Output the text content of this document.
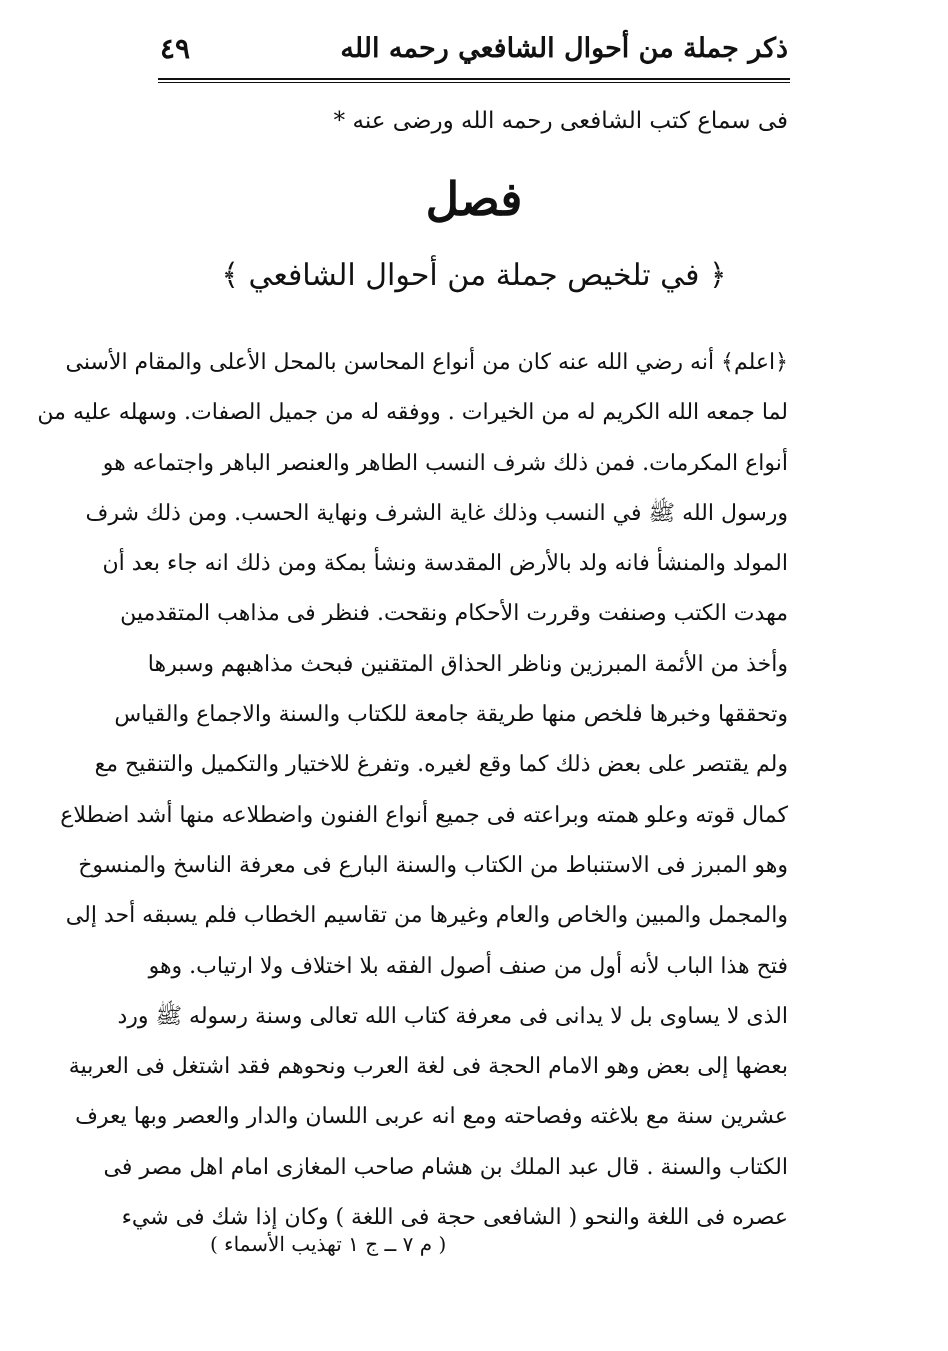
ذكر جملة من أحوال الشافعي رحمه الله
٤٩
فى سماع كتب الشافعى رحمه الله ورضى عنه *
فصل
﴿ في تلخيص جملة من أحوال الشافعي ﴾
﴿اعلم﴾ أنه رضي الله عنه كان من أنواع المحاسن بالمحل الأعلى والمقام الأسنى
لما جمعه الله الكريم له من الخيرات . ووفقه له من جميل الصفات. وسهله عليه من
أنواع المكرمات. فمن ذلك شرف النسب الطاهر والعنصر الباهر واجتماعه هو
ورسول الله ﷺ في النسب وذلك غاية الشرف ونهاية الحسب. ومن ذلك شرف
المولد والمنشأ فانه ولد بالأرض المقدسة ونشأ بمكة ومن ذلك انه جاء بعد أن
مهدت الكتب وصنفت وقررت الأحكام ونقحت. فنظر فى مذاهب المتقدمين
وأخذ من الأئمة المبرزين وناظر الحذاق المتقنين فبحث مذاهبهم وسبرها
وتحققها وخبرها فلخص منها طريقة جامعة للكتاب والسنة والاجماع والقياس
ولم يقتصر على بعض ذلك كما وقع لغيره. وتفرغ للاختيار والتكميل والتنقيح مع
كمال قوته وعلو همته وبراعته فى جميع أنواع الفنون واضطلاعه منها أشد اضطلاع
وهو المبرز فى الاستنباط من الكتاب والسنة البارع فى معرفة الناسخ والمنسوخ
والمجمل والمبين والخاص والعام وغيرها من تقاسيم الخطاب فلم يسبقه أحد إلى
فتح هذا الباب لأنه أول من صنف أصول الفقه بلا اختلاف ولا ارتياب. وهو
الذى لا يساوى بل لا يدانى فى معرفة كتاب الله تعالى وسنة رسوله ﷺ ورد
بعضها إلى بعض وهو الامام الحجة فى لغة العرب ونحوهم فقد اشتغل فى العربية
عشرين سنة مع بلاغته وفصاحته ومع انه عربى اللسان والدار والعصر وبها يعرف
الكتاب والسنة . قال عبد الملك بن هشام صاحب المغازى امام اهل مصر فى
عصره فى اللغة والنحو ( الشافعى حجة فى اللغة ) وكان إذا شك فى شيء
( م ٧ ــ ج ١ تهذيب الأسماء )
